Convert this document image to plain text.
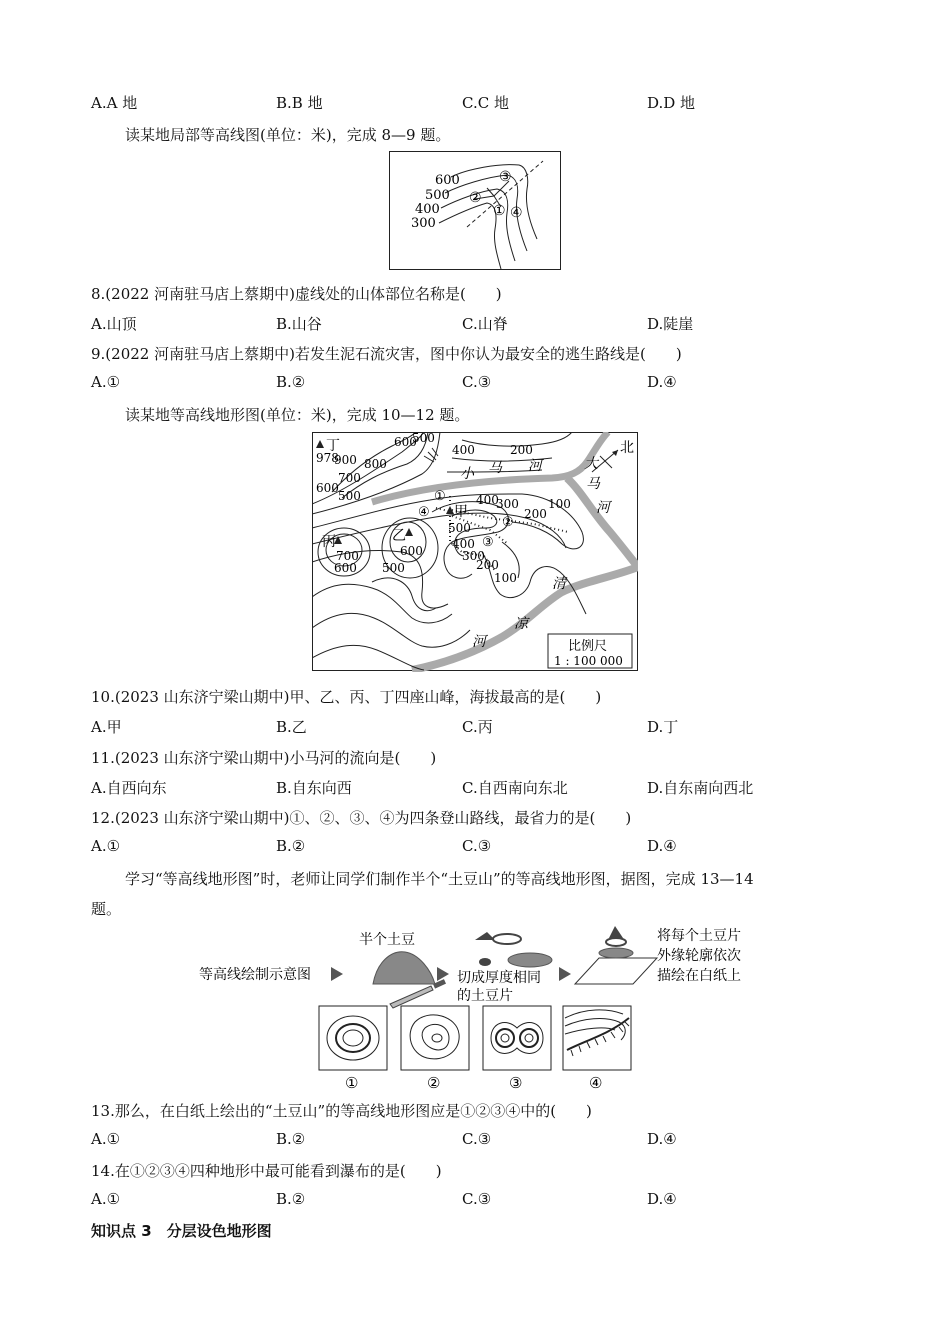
A.A 地	B.B 地	C.C 地	D.D 地
读某地局部等高线图(单位：米)，完成 8—9 题。
600
500
400
300
③
②
① ④
8.(2022 河南驻马店上蔡期中)虚线处的山体部位名称是(　　)
A.山顶	B.山谷	C.山脊	D.陡崖
9.(2022 河南驻马店上蔡期中)若发生泥石流灾害，图中你认为最安全的逃生路线是(　　)
A.①	B.②	C.③	D.④
读某地等高线地形图(单位：米)，完成 10—12 题。
比例尺
1 : 100 000
丁
978
甲
乙
丙
北
小 马 河	大
马
河
清
凉
河
600
500
900 800
700
600
500
400	200
100
400
300
200
500
400
300
200
100
700
600
600
500
①
④
②
③
10.(2023 山东济宁梁山期中)甲、乙、丙、丁四座山峰，海拔最高的是(　　)
A.甲	B.乙	C.丙	D.丁
11.(2023 山东济宁梁山期中)小马河的流向是(　　)
A.自西向东	B.自东向西	C.自西南向东北	D.自东南向西北
12.(2023 山东济宁梁山期中)①、②、③、④为四条登山路线，最省力的是(　　)
A.①	B.②	C.③	D.④
学习“等高线地形图”时，老师让同学们制作半个“土豆山”的等高线地形图，据图，完成 13—14
题。
等高线绘制示意图
半个土豆
切成厚度相同
的土豆片
将每个土豆片
外缘轮廓依次
描绘在白纸上
①	②	③	④
13.那么，在白纸上绘出的“土豆山”的等高线地形图应是①②③④中的(　　)
A.①	B.②	C.③	D.④
14.在①②③④四种地形中最可能看到瀑布的是(　　)
A.①	B.②	C.③	D.④
知识点 3　分层设色地形图
